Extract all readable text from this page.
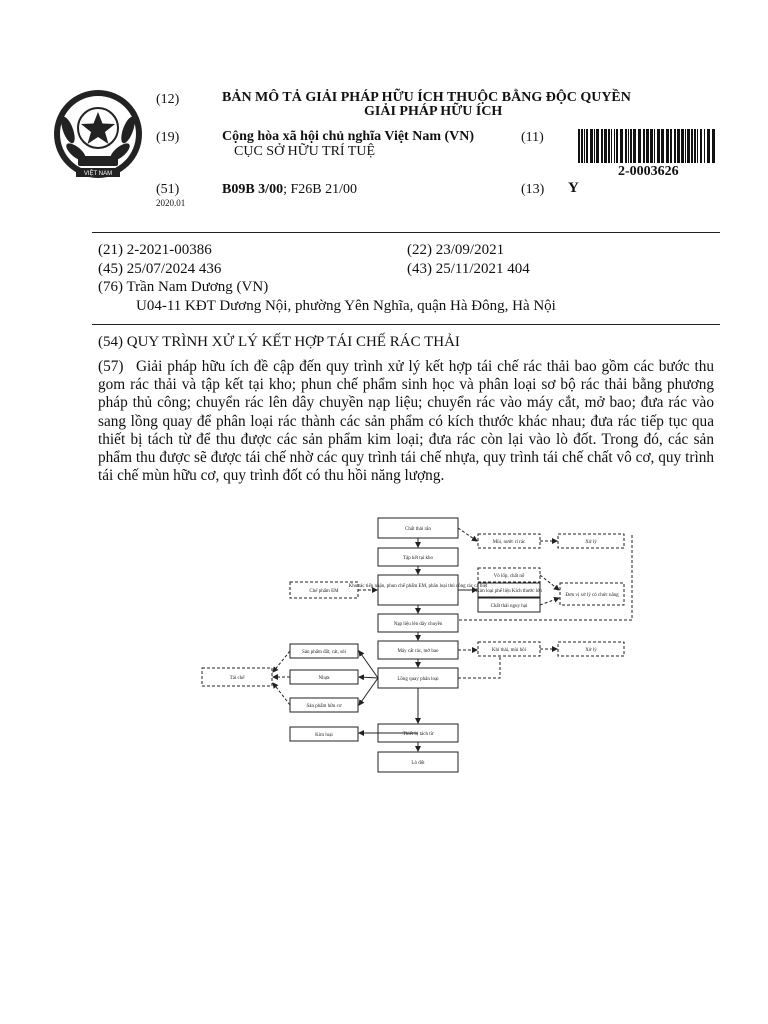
VIỆT NAM
(12)	BẢN MÔ TẢ GIẢI PHÁP HỮU ÍCH THUỘC BẰNG ĐỘC QUYỀN
GIẢI PHÁP HỮU ÍCH
(19)	Cộng hòa xã hội chủ nghĩa Việt Nam (VN)
CỤC SỞ HỮU TRÍ TUỆ
(11)
2-0003626
(51)	B09B 3/00; F26B 21/00
2020.01
(13) Y
(21) 2-2021-00386	(22) 23/09/2021
(45) 25/07/2024 436	(43) 25/11/2021 404
(76) Trần Nam Dương (VN)
U04-11 KĐT Dương Nội, phường Yên Nghĩa, quận Hà Đông, Hà Nội
(54) QUY TRÌNH XỬ LÝ KẾT HỢP TÁI CHẾ RÁC THẢI
(57) Giải pháp hữu ích đề cập đến quy trình xử lý kết hợp tái chế rác thải bao gồm các bước thu gom rác thải và tập kết tại kho; phun chế phẩm sinh học và phân loại sơ bộ rác thải bằng phương pháp thủ công; chuyển rác lên dây chuyền nạp liệu; chuyển rác vào máy cắt, mở bao; đưa rác vào sang lồng quay để phân loại rác thành các sản phẩm có kích thước khác nhau; đưa rác tiếp tục qua thiết bị tách từ để thu được các sản phẩm kim loại; đưa rác còn lại vào lò đốt. Trong đó, các sản phẩm thu được sẽ được tái chế nhờ các quy trình tái chế nhựa, quy trình tái chế chất vô cơ, quy trình tái chế mùn hữu cơ, quy trình đốt có thu hồi năng lượng.
Chất thải rắn
Tập kết tại kho
Kho rác tiếp nhận, phun chế phẩm EM, phân loại thủ công rác cá biệt
Nạp liệu lên dây chuyền
Máy cắt rác, mở bao
Lồng quay phân loại
Thiết bị tách từ
Lò đốt
Mùi, nước rỉ rác	Xử lý
Vỏ lốp, chất nổ
Kim loại phế liệu Kích thước lớn
Chất thải nguy hại
Đơn vị xử lý có chức năng
Khí thải, mùi hôi	Xử lý
Chế phẩm EM
Sản phẩm đất, cát, sỏi
Nhựa
Sản phẩm hữu cơ
Kim loại
Tái chế
